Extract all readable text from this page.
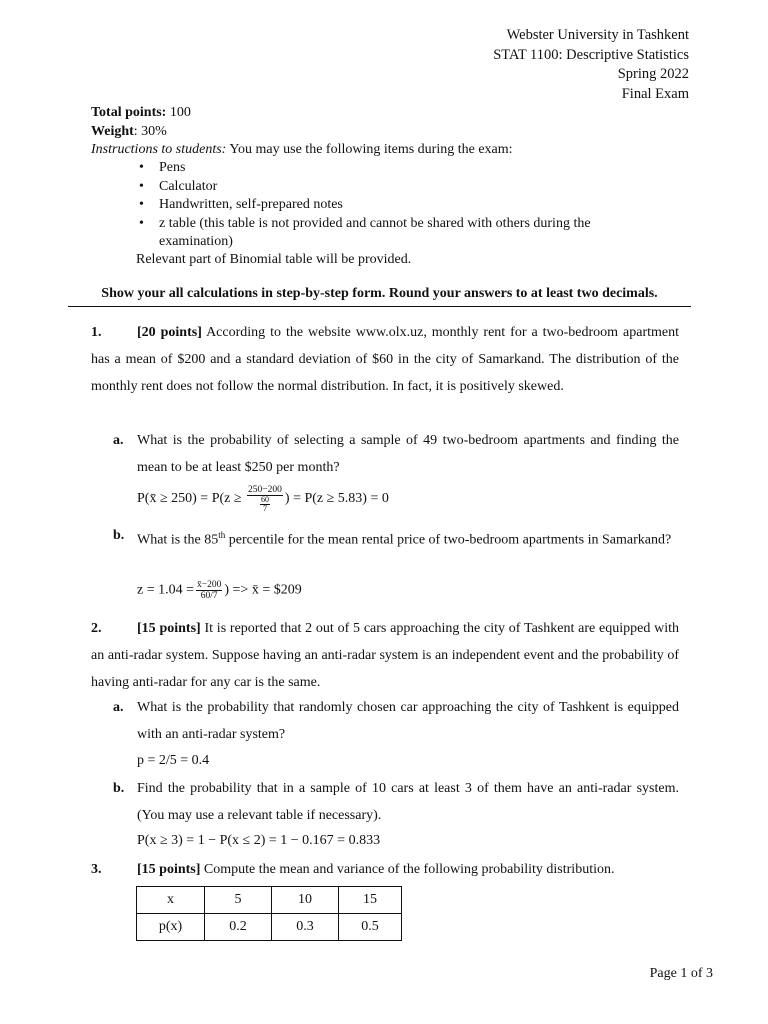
Webster University in Tashkent
STAT 1100: Descriptive Statistics
Spring 2022
Final Exam
Total points: 100
Weight: 30%
Instructions to students: You may use the following items during the exam:
• Pens
• Calculator
• Handwritten, self-prepared notes
• z table (this table is not provided and cannot be shared with others during the examination)
Relevant part of Binomial table will be provided.
Show your all calculations in step-by-step form. Round your answers to at least two decimals.
1.	[20 points] According to the website www.olx.uz, monthly rent for a two-bedroom apartment has a mean of $200 and a standard deviation of $60 in the city of Samarkand. The distribution of the monthly rent does not follow the normal distribution. In fact, it is positively skewed.
a. What is the probability of selecting a sample of 49 two-bedroom apartments and finding the mean to be at least $250 per month?
P(x̄ ≥ $250) = P(z \ge \frac{250-200}{\frac{60}{7}}$ ) = P(z ≥ 5.83) = 0
b. What is the 85th percentile for the mean rental price of two-bedroom apartments in Samarkand?
$z = 1.04 = \frac{x̄-200}{60/7}$ ) => x̄ = $209
2.	[15 points] It is reported that 2 out of 5 cars approaching the city of Tashkent are equipped with an anti-radar system. Suppose having an anti-radar system is an independent event and the probability of having anti-radar for any car is the same.
a. What is the probability that randomly chosen car approaching the city of Tashkent is equipped with an anti-radar system?
p = 2/5 = 0.4
b. Find the probability that in a sample of 10 cars at least 3 of them have an anti-radar system. (You may use a relevant table if necessary).
P(x ≥ 3) = 1 − P(x ≤ 2) = 1 − 0.167 = 0.833
3.	[15 points] Compute the mean and variance of the following probability distribution.
x	5	10	15
p(x)	0.2	0.3	0.5
Page 1 of 3
